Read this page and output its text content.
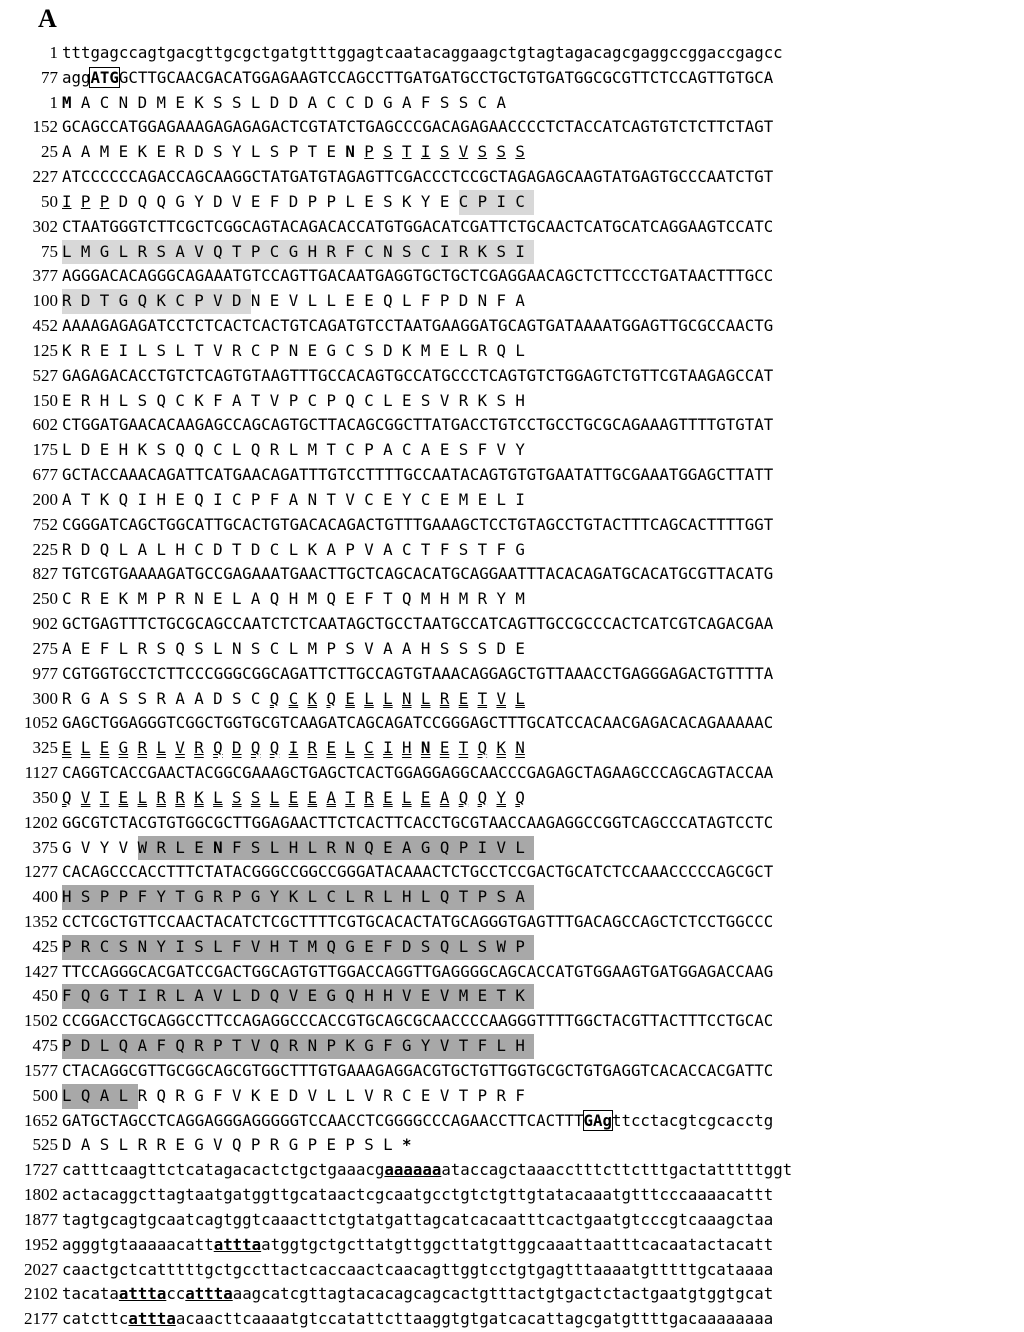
A
1 tttgagccagtgacgttgcgctgatgtttggagtcaatacaggaagctgtagtagacagcgaggccggaccgagcc
77 aggATGGCTTGCAACGACATGGAGAAGTCCAGCCTTGATGATGCCTGCTGTGATGGCGCGTTCTCCAGTTGTGCA
1 M A C N D M E K S S L D D A C C D G A F S S C A
152 GCAGCCATGGAGAAAGAGAGAGACTCGTATCTGAGCCCGACAGAGAACCCCTCTACCATCAGTGTCTCTTCTAGT
25 A A M E K E R D S Y L S P T E N P S T I S V S S S
227 ATCCCCCCAGACCAGCAAGGCTATGATGTAGAGTTCGACCCTCCGCTAGAGAGCAAGTATGAGTGCCCAATCTGT
50 I P P D Q Q G Y D V E F D P P L E S K Y E C P I C
302 CTAATGGGTCTTCGCTCGGCAGTACAGACACCATGTGGACATCGATTCTGCAACTCATGCATCAGGAAGTCCATC
75 L M G L R S A V Q T P C G H R F C N S C I R K S I
377 AGGGACACAGGGCAGAAATGTCCAGTTGACAATGAGGTGCTGCTCGAGGAACAGCTCTTCCCTGATAACTTTGCC
100 R D T G Q K C P V D N E V L L E E Q L F P D N F A
452 AAAAGAGAGATCCTCTCACTCACTGTCAGATGTCCTAATGAAGGATGCAGTGATAAAATGGAGTTGCGCCAACTG
125 K R E I L S L T V R C P N E G C S D K M E L R Q L
527 GAGAGACACCTGTCTCAGTGTAAGTTTGCCACAGTGCCATGCCCTCAGTGTCTGGAGTCTGTTCGTAAGAGCCAT
150 E R H L S Q C K F A T V P C P Q C L E S V R K S H
602 CTGGATGAACACAAGAGCCAGCAGTGCTTACAGCGGCTTATGACCTGTCCTGCCTGCGCAGAAAGTTTTGTGTAT
175 L D E H K S Q Q C L Q R L M T C P A C A E S F V Y
677 GCTACCAAACAGATTCATGAACAGATTTGTCCTTTTGCCAATACAGTGTGTGAATATTGCGAAATGGAGCTTATT
200 A T K Q I H E Q I C P F A N T V C E Y C E M E L I
752 CGGGATCAGCTGGCATTGCACTGTGACACAGACTGTTTGAAAGCTCCTGTAGCCTGTACTTTCAGCACTTTTGGT
225 R D Q L A L H C D T D C L K A P V A C T F S T F G
827 TGTCGTGAAAAGATGCCGAGAAATGAACTTGCTCAGCACATGCAGGAATTTACACAGATGCACATGCGTTACATG
250 C R E K M P R N E L A Q H M Q E F T Q M H M R Y M
902 GCTGAGTTTCTGCGCAGCCAATCTCTCAATAGCTGCCTAATGCCATCAGTTGCCGCCCACTCATCGTCAGACGAA
275 A E F L R S Q S L N S C L M P S V A A H S S S D E
977 CGTGGTGCCTCTTCCCGGGCGGCAGATTCTTGCCAGTGTAAACAGGAGCTGTTAAACCTGAGGGAGACTGTTTTA
300 R G A S S R A A D S C Q C K Q E L L N L R E T V L
1052 GAGCTGGAGGGTCGGCTGGTGCGTCAAGATCAGCAGATCCGGGAGCTTTGCATCCACAACGAGACACAGAAAAAC
325 E L E G R L V R Q D Q Q I R E L C I H N E T Q K N
1127 CAGGTCACCGAACTACGGCGAAAGCTGAGCTCACTGGAGGAGGCAACCCGAGAGCTAGAAGCCCAGCAGTACCAA
350 Q V T E L R R K L S S L E E A T R E L E A Q Q Y Q
1202 GGCGTCTACGTGTGGCGCTTGGAGAACTTCTCACTTCACCTGCGTAACCAAGAGGCCGGTCAGCCCATAGTCCTC
375 G V Y V W R L E N F S L H L R N Q E A G Q P I V L
1277 CACAGCCCACCTTTCTATACGGGCCGGCCGGGATACAAACTCTGCCTCCGACTGCATCTCCAAACCCCCAGCGCT
400 H S P P F Y T G R P G Y K L C L R L H L Q T P S A
1352 CCTCGCTGTTCCAACTACATCTCGCTTTTCGTGCACACTATGCAGGGTGAGTTTGACAGCCAGCTCTCCTGGCCC
425 P R C S N Y I S L F V H T M Q G E F D S Q L S W P
1427 TTCCAGGGCACGATCCGACTGGCAGTGTTGGACCAGGTTGAGGGGCAGCACCATGTGGAAGTGATGGAGACCAAG
450 F Q G T I R L A V L D Q V E G Q H H V E V M E T K
1502 CCGGACCTGCAGGCCTTCCAGAGGCCCACCGTGCAGCGCAACCCCAAGGGTTTTGGCTACGTTACTTTCCTGCAC
475 P D L Q A F Q R P T V Q R N P K G F G Y V T F L H
1577 CTACAGGCGTTGCGGCAGCGTGGCTTTGTGAAAGAGGACGTGCTGTTGGTGCGCTGTGAGGTCACACCACGATTC
500 L Q A L R Q R G F V K E D V L L V R C E V T P R F
1652 GATGCTAGCCTCAGGAGGGAGGGGGTCCAACCTCGGGGCCCAGAACCTTCACTTTGAgttcctacgtcgcacctg
525 D A S L R R E G V Q P R G P E P S L *
1727 catttcaagttctcatagacactctgctgaaacgaaaaaaataccagctaaacctttcttctttgactatttttggt
1802 actacaggcttagtaatgatggttgcataactcgcaatgcctgtctgttgtatacaaatgtttcccaaaacattt
1877 tagtgcagtgcaatcagtggtcaaacttctgtatgattagcatcacaatttcactgaatgtcccgtcaaagctaa
1952 agggtgtaaaaacattatttaatggtgctgcttatgttggcttatgttggcaaattaatttcacaatactacatt
2027 caactgctcatttttgctgccttactcaccaactcaacagttggtcctgtgagtttaaaatgtttttgcataaaa
2102 tacataatttaccatttaaagcatcgttagtacacagcagcactgtttactgtgactctactgaatgtggtgcat
2177 catcttcatttaacaacttcaaaatgtccatattcttaaggtgtgatcacattagcgatgttttgacaaaaaaaa
